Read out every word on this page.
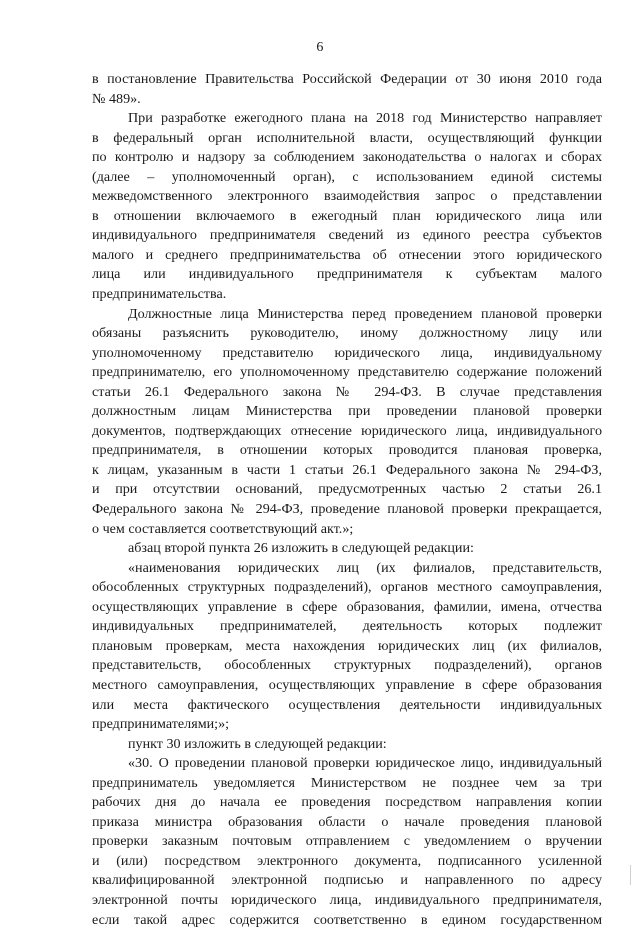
6
в постановление Правительства Российской Федерации от 30 июня 2010 года
№ 489».
При разработке ежегодного плана на 2018 год Министерство направляет
в федеральный орган исполнительной власти, осуществляющий функции
по контролю и надзору за соблюдением законодательства о налогах и сборах
(далее – уполномоченный орган), с использованием единой системы
межведомственного электронного взаимодействия запрос о представлении
в отношении включаемого в ежегодный план юридического лица или
индивидуального предпринимателя сведений из единого реестра субъектов
малого и среднего предпринимательства об отнесении этого юридического
лица или индивидуального предпринимателя к субъектам малого
предпринимательства.
Должностные лица Министерства перед проведением плановой проверки
обязаны разъяснить руководителю, иному должностному лицу или
уполномоченному представителю юридического лица, индивидуальному
предпринимателю, его уполномоченному представителю содержание положений
статьи 26.1 Федерального закона № 294-ФЗ. В случае представления
должностным лицам Министерства при проведении плановой проверки
документов, подтверждающих отнесение юридического лица, индивидуального
предпринимателя, в отношении которых проводится плановая проверка,
к лицам, указанным в части 1 статьи 26.1 Федерального закона № 294-ФЗ,
и при отсутствии оснований, предусмотренных частью 2 статьи 26.1
Федерального закона № 294-ФЗ, проведение плановой проверки прекращается,
о чем составляется соответствующий акт.»;
абзац второй пункта 26 изложить в следующей редакции:
«наименования юридических лиц (их филиалов, представительств,
обособленных структурных подразделений), органов местного самоуправления,
осуществляющих управление в сфере образования, фамилии, имена, отчества
индивидуальных предпринимателей, деятельность которых подлежит
плановым проверкам, места нахождения юридических лиц (их филиалов,
представительств, обособленных структурных подразделений), органов
местного самоуправления, осуществляющих управление в сфере образования
или места фактического осуществления деятельности индивидуальных
предпринимателями;»;
пункт 30 изложить в следующей редакции:
«30. О проведении плановой проверки юридическое лицо, индивидуальный
предприниматель уведомляется Министерством не позднее чем за три
рабочих дня до начала ее проведения посредством направления копии
приказа министра образования области о начале проведения плановой
проверки заказным почтовым отправлением с уведомлением о вручении
и (или) посредством электронного документа, подписанного усиленной
квалифицированной электронной подписью и направленного по адресу
электронной почты юридического лица, индивидуального предпринимателя,
если такой адрес содержится соответственно в едином государственном
